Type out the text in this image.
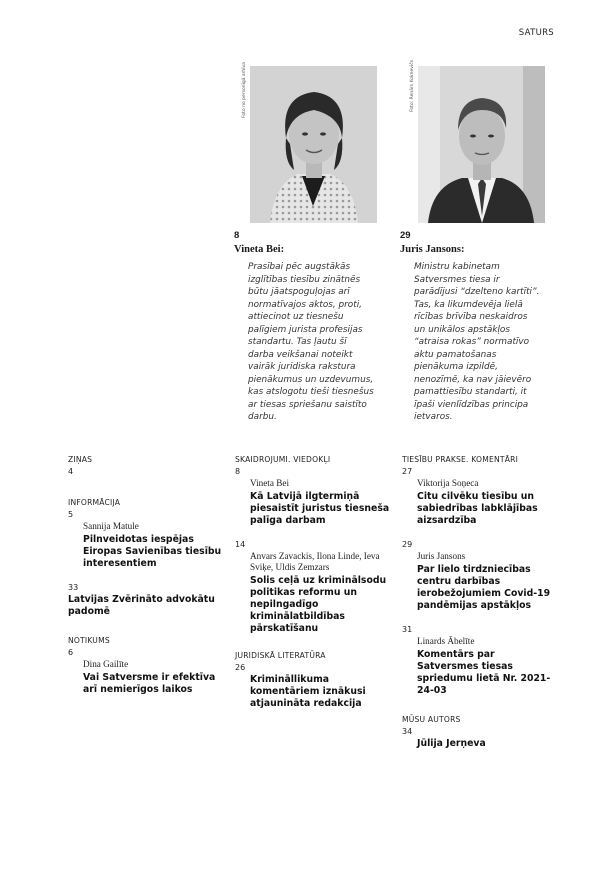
SATURS
Foto no personīgā arhīva	Foto: Renārs Koknevičs
8
Vineta Bei:
Prasībai pēc augstākās izglītības tiesību zinātnēs būtu jāatspoguļojas arī normatīvajos aktos, proti, attiecinot uz tiesnešu palīgiem jurista profesijas standartu. Tas ļautu šī darba veikšanai noteikt vairāk juridiska rakstura pienākumus un uzdevumus, kas atslogotu tieši tiesnešus ar tiesas spriešanu saistīto darbu.
29
Juris Jansons:
Ministru kabinetam Satversmes tiesa ir parādījusi “dzelteno kartīti”. Tas, ka likumdevēja lielā rīcības brīvība neskaidros un unikālos apstākļos “atraisa rokas” normatīvo aktu pamatošanas pienākuma izpildē, nenozīmē, ka nav jāievēro pamattiesību standarti, it īpaši vienlīdzības principa ietvaros.
ZIŅAS
4
INFORMĀCIJA
5
Sannija Matule
Pilnveidotas iespējas Eiropas Savienības tiesību interesentiem
33
Latvijas Zvērināto advokātu padomē
NOTIKUMS
6
Dina Gailīte
Vai Satversme ir efektīva arī nemierīgos laikos
SKAIDROJUMI. VIEDOKĻI
8
Vineta Bei
Kā Latvijā ilgtermiņā piesaistīt juristus tiesneša palīga darbam
14
Anvars Zavackis, Ilona Linde, Ieva Sviķe, Uldis Zemzars
Solis ceļā uz kriminālsodu politikas reformu un nepilngadīgo kriminālatbildības pārskatīšanu
JURIDISKĀ LITERATŪRA
26
Krimināllikuma komentāriem iznākusi atjaunināta redakcija
TIESĪBU PRAKSE. KOMENTĀRI
27
Viktorija Soņeca
Citu cilvēku tiesību un sabiedrības labklājības aizsardzība
29
Juris Jansons
Par lielo tirdzniecības centru darbības ierobežojumiem Covid-19 pandēmijas apstākļos
31
Linards Ābelīte
Komentārs par Satversmes tiesas spriedumu lietā Nr. 2021-24-03
MŪSU AUTORS
34
Jūlija Jerņeva
